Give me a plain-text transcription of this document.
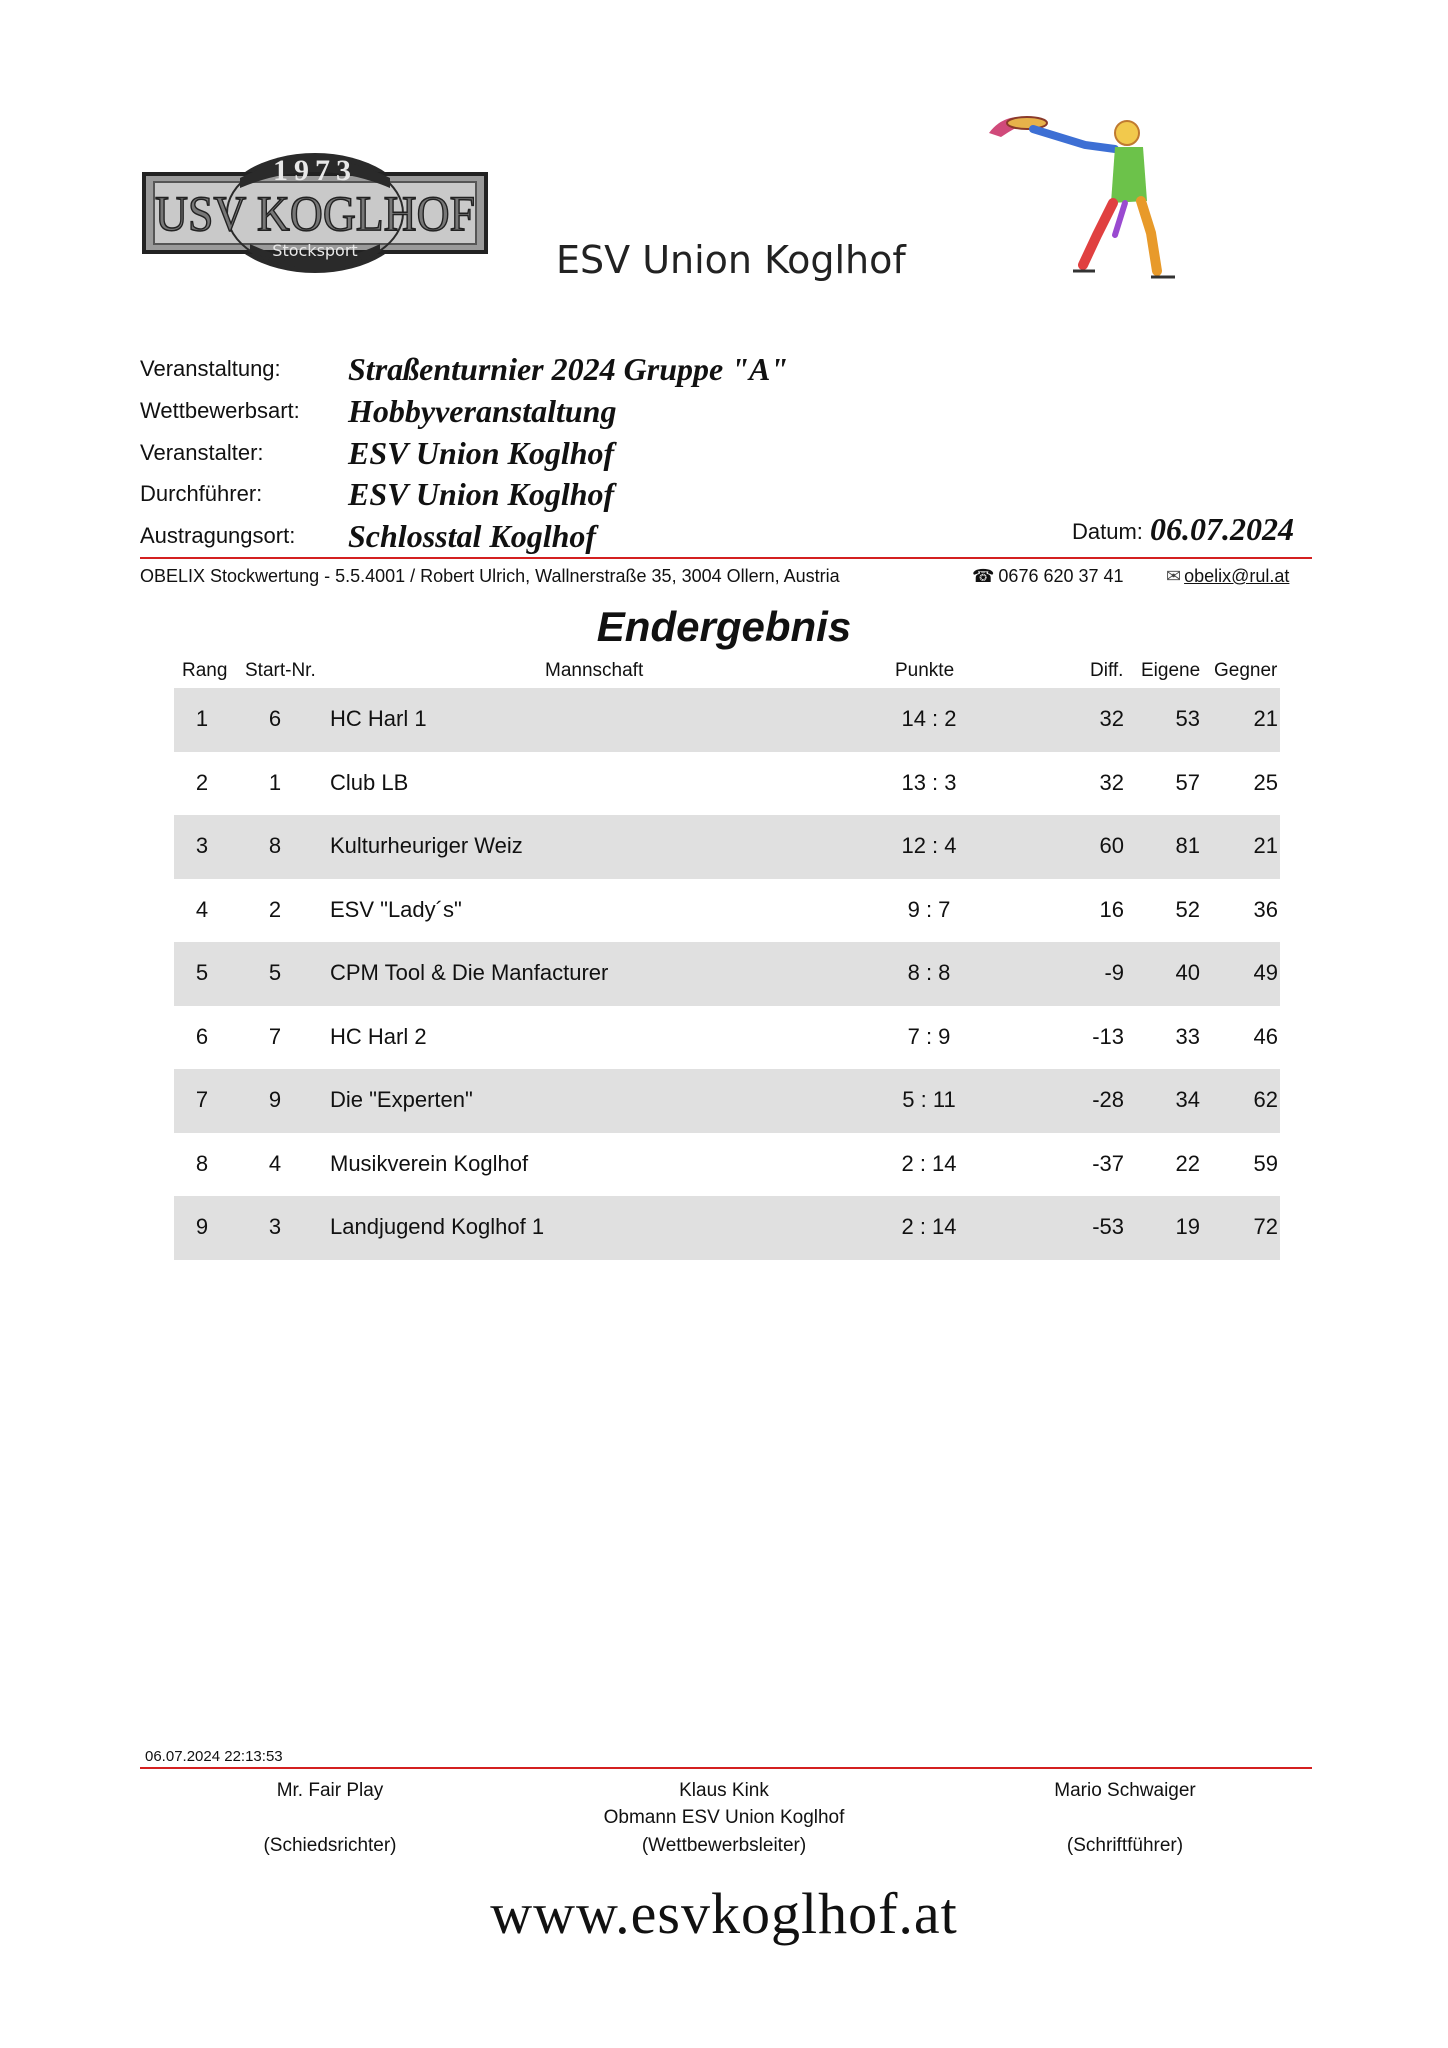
1973
USV KOGLHOF
Stocksport	ESV Union Koglhof
Veranstaltung: Straßenturnier 2024 Gruppe "A"
Wettbewerbsart: Hobbyveranstaltung
Veranstalter:	ESV Union Koglhof
Durchführer:	ESV Union Koglhof
Austragungsort: Schlosstal Koglhof	Datum: 06.07.2024
OBELIX Stockwertung - 5.5.4001 / Robert Ulrich, Wallnerstraße 35, 3004 Ollern, Austria	☎ 0676 620 37 41 ✉ obelix@rul.at
Endergebnis
Rang Start-Nr.	Mannschaft	Punkte	Diff. Eigene Gegner
1	6	HC Harl 1	14 : 2	32 53 21
2	1	Club LB	13 : 3	32 57 25
3	8	Kulturheuriger Weiz	12 : 4	60 81 21
4	2	ESV "Lady´s"	9 : 7	16 52 36
5	5	CPM Tool & Die Manfacturer	8 : 8	-9 40 49
6	7	HC Harl 2	7 : 9	-13 33 46
7	9	Die "Experten"	5 : 11	-28 34 62
8	4	Musikverein Koglhof	2 : 14	-37 22 59
9	3	Landjugend Koglhof 1	2 : 14	-53 19 72
06.07.2024 22:13:53
Mr. Fair Play
(Schiedsrichter)
Klaus Kink
Obmann ESV Union Koglhof
(Wettbewerbsleiter)
Mario Schwaiger
(Schriftführer)
www.esvkoglhof.at
